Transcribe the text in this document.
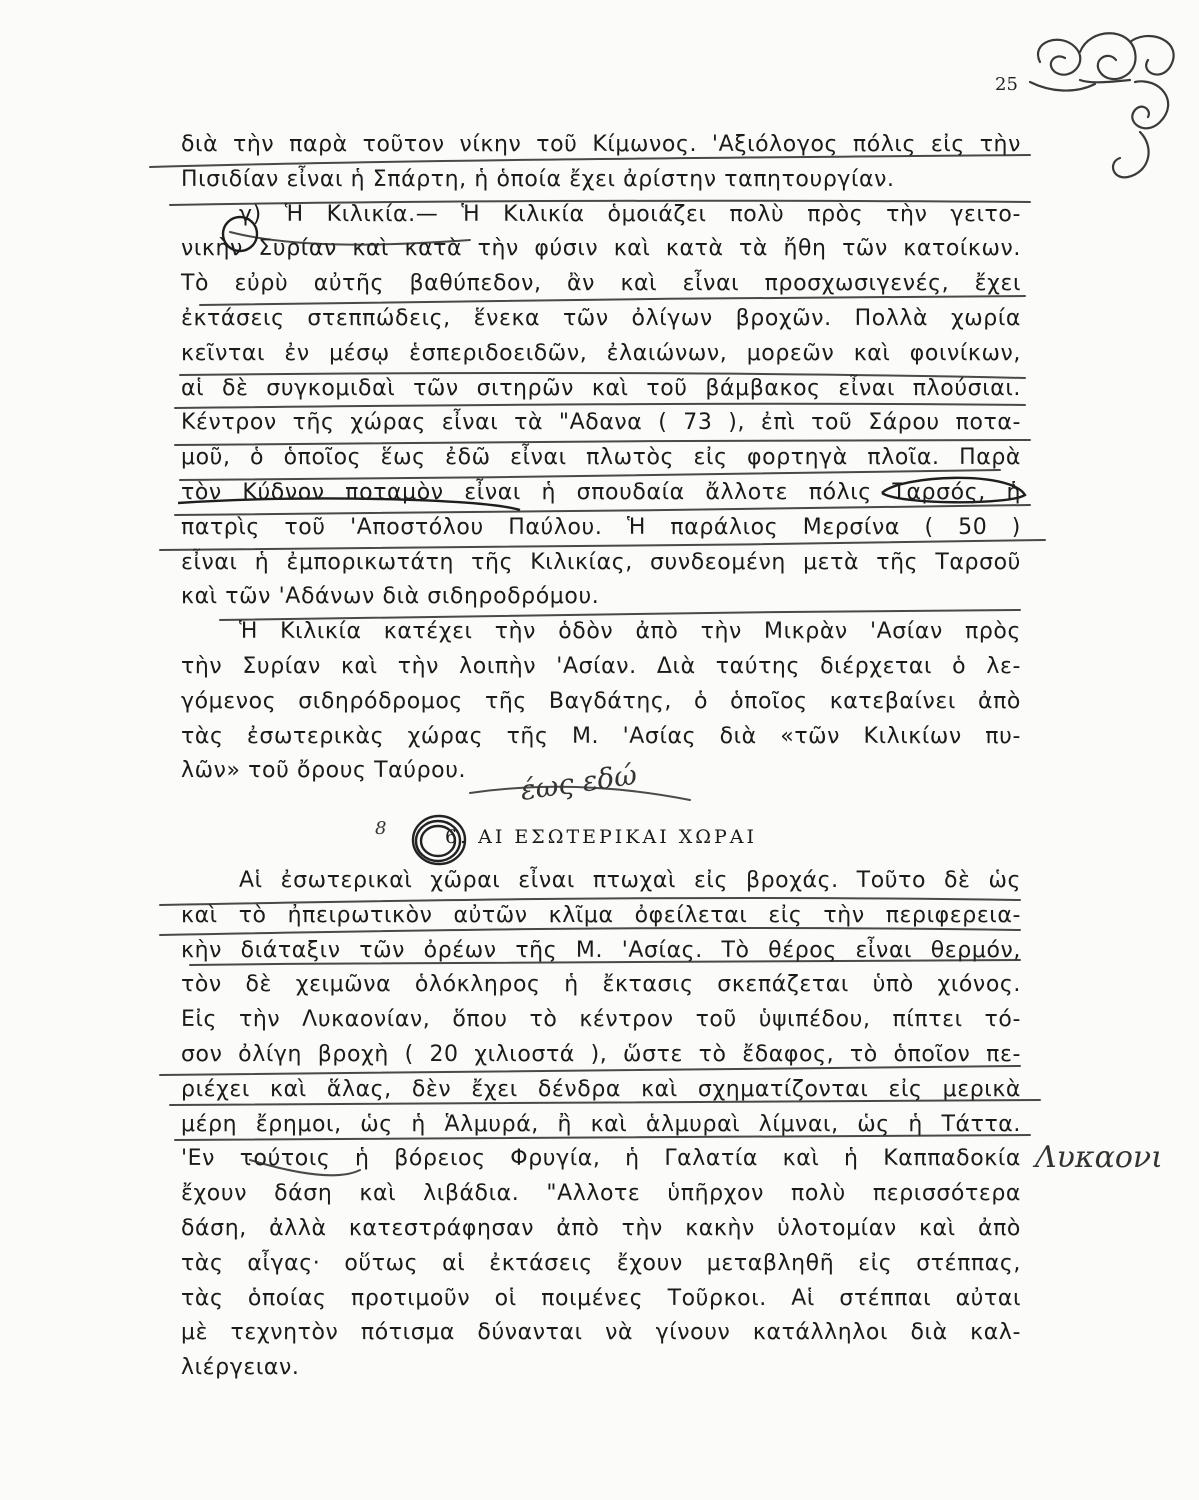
25
διὰ τὴν παρὰ τοῦτον νίκην τοῦ Κίμωνος. 'Αξιόλογος πόλις εἰς τὴν
Πισιδίαν εἶναι ἡ Σπάρτη, ἡ ὁποία ἔχει ἀρίστην ταπητουργίαν.
γ) Ἡ Κιλικία.— Ἡ Κιλικία ὁμοιάζει πολὺ πρὸς τὴν γειτο-
νικὴν Συρίαν καὶ κατὰ τὴν φύσιν καὶ κατὰ τὰ ἤθη τῶν κατοίκων.
Τὸ εὐρὺ αὐτῆς βαθύπεδον, ἂν καὶ εἶναι προσχωσιγενές, ἔχει
ἐκτάσεις στεππώδεις, ἕνεκα τῶν ὀλίγων βροχῶν. Πολλὰ χωρία
κεῖνται ἐν μέσῳ ἑσπεριδοειδῶν, ἐλαιώνων, μορεῶν καὶ φοινίκων,
αἱ δὲ συγκομιδαὶ τῶν σιτηρῶν καὶ τοῦ βάμβακος εἶναι πλούσιαι.
Κέντρον τῆς χώρας εἶναι τὰ "Αδανα ( 73 ), ἐπὶ τοῦ Σάρου ποτα-
μοῦ, ὁ ὁποῖος ἕως ἐδῶ εἶναι πλωτὸς εἰς φορτηγὰ πλοῖα. Παρὰ
τὸν Κύδνον ποταμὸν εἶναι ἡ σπουδαία ἄλλοτε πόλις Ταρσός, ἡ
πατρὶς τοῦ 'Αποστόλου Παύλου. Ἡ παράλιος Μερσίνα ( 50 )
εἶναι ἡ ἐμπορικωτάτη τῆς Κιλικίας, συνδεομένη μετὰ τῆς Ταρσοῦ
καὶ τῶν 'Αδάνων διὰ σιδηροδρόμου.
Ἡ Κιλικία κατέχει τὴν ὁδὸν ἀπὸ τὴν Μικρὰν 'Ασίαν πρὸς
τὴν Συρίαν καὶ τὴν λοιπὴν 'Ασίαν. Διὰ ταύτης διέρχεται ὁ λε-
γόμενος σιδηρόδρομος τῆς Βαγδάτης, ὁ ὁποῖος κατεβαίνει ἀπὸ
τὰς ἐσωτερικὰς χώρας τῆς Μ. 'Ασίας διὰ «τῶν Κιλικίων πυ-
λῶν» τοῦ ὄρους Ταύρου.
6. ΑΙ ΕΣΩΤΕΡΙΚΑΙ ΧΩΡΑΙ
Αἱ ἐσωτερικαὶ χῶραι εἶναι πτωχαὶ εἰς βροχάς. Τοῦτο δὲ ὡς
καὶ τὸ ἠπειρωτικὸν αὐτῶν κλῖμα ὀφείλεται εἰς τὴν περιφερεια-
κὴν διάταξιν τῶν ὀρέων τῆς Μ. 'Ασίας. Τὸ θέρος εἶναι θερμόν,
τὸν δὲ χειμῶνα ὁλόκληρος ἡ ἔκτασις σκεπάζεται ὑπὸ χιόνος.
Εἰς τὴν Λυκαονίαν, ὅπου τὸ κέντρον τοῦ ὑψιπέδου, πίπτει τό-
σον ὀλίγη βροχὴ ( 20 χιλιοστά ), ὥστε τὸ ἔδαφος, τὸ ὁποῖον πε-
ριέχει καὶ ἅλας, δὲν ἔχει δένδρα καὶ σχηματίζονται εἰς μερικὰ
μέρη ἔρημοι, ὡς ἡ Ἁλμυρά, ἢ καὶ ἁλμυραὶ λίμναι, ὡς ἡ Τάττα.
'Εν τούτοις ἡ βόρειος Φρυγία, ἡ Γαλατία καὶ ἡ Καππαδοκία
ἔχουν δάση καὶ λιβάδια. "Αλλοτε ὑπῆρχον πολὺ περισσότερα
δάση, ἀλλὰ κατεστράφησαν ἀπὸ τὴν κακὴν ὑλοτομίαν καὶ ἀπὸ
τὰς αἶγας· οὕτως αἱ ἐκτάσεις ἔχουν μεταβληθῆ εἰς στέππας,
τὰς ὁποίας προτιμοῦν οἱ ποιμένες Τοῦρκοι. Αἱ στέππαι αὐται
μὲ τεχνητὸν πότισμα δύνανται νὰ γίνουν κατάλληλοι διὰ καλ-
λιέργειαν.
έως εδώ
8
Λυκαονι
